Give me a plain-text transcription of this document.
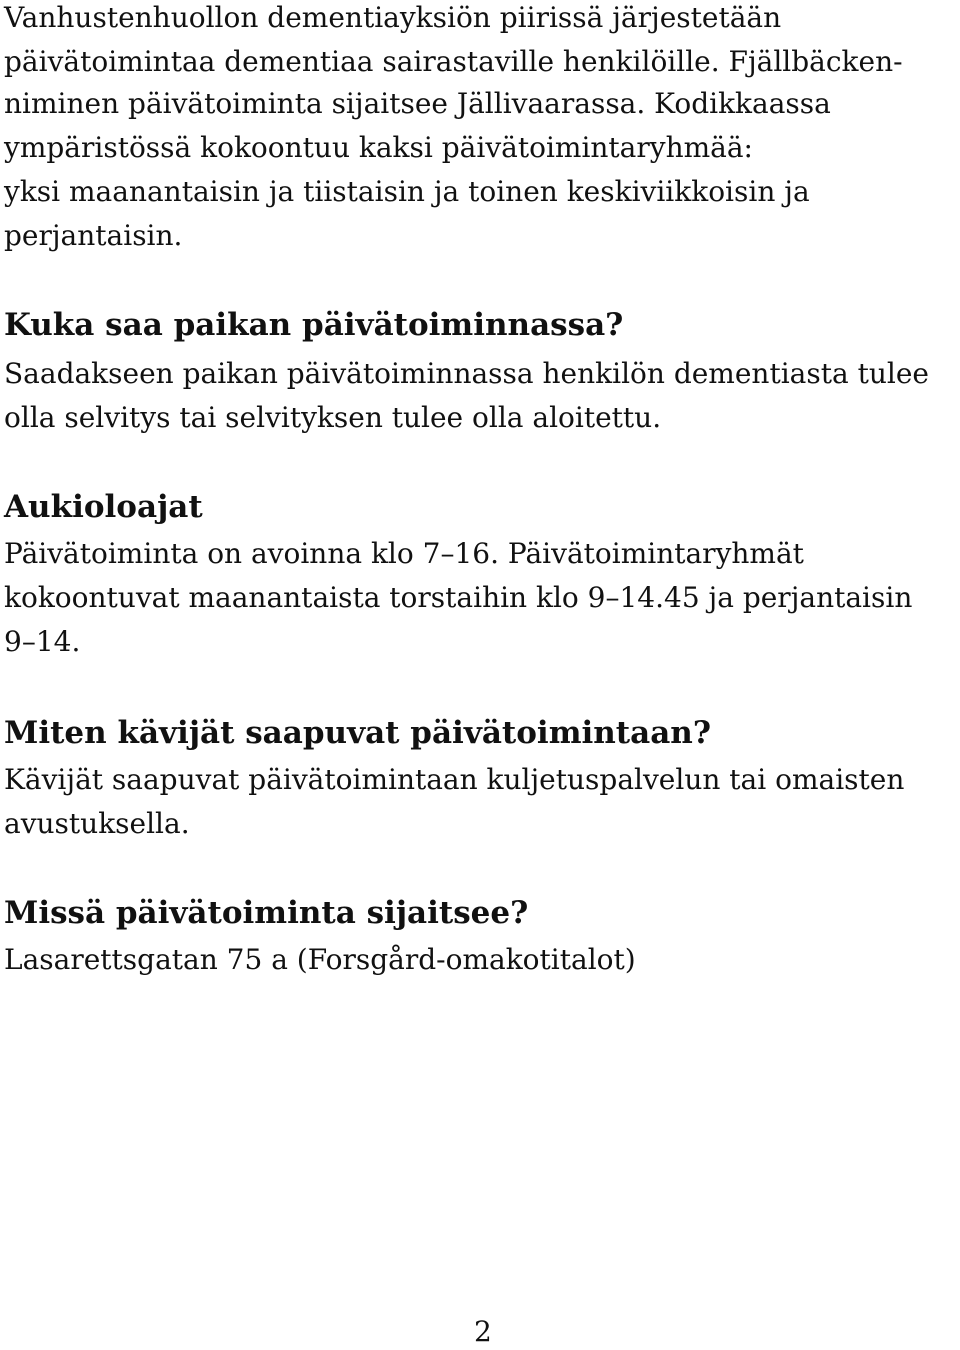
Vanhustenhuollon dementiayksiön piirissä järjestetään

päivätoimintaa dementiaa sairastaville henkilöille. Fjällbäcken-

niminen päivätoiminta sijaitsee Jällivaarassa. Kodikkaassa

ympäristössä kokoontuu kaksi päivätoimintaryhmää:

yksi maanantaisin ja tiistaisin ja toinen keskiviikkoisin ja

perjantaisin.

Kuka saa paikan päivätoiminnassa?

Saadakseen paikan päivätoiminnassa henkilön dementiasta tulee

olla selvitys tai selvityksen tulee olla aloitettu.

Aukioloajat

Päivätoiminta on avoinna klo 7–16. Päivätoimintaryhmät

kokoontuvat maanantaista torstaihin klo 9–14.45 ja perjantaisin

9–14.

Miten kävijät saapuvat päivätoimintaan?

Kävijät saapuvat päivätoimintaan kuljetuspalvelun tai omaisten

avustuksella.

Missä päivätoiminta sijaitsee?

Lasarettsgatan 75 a (Forsgård-omakotitalot)

2
